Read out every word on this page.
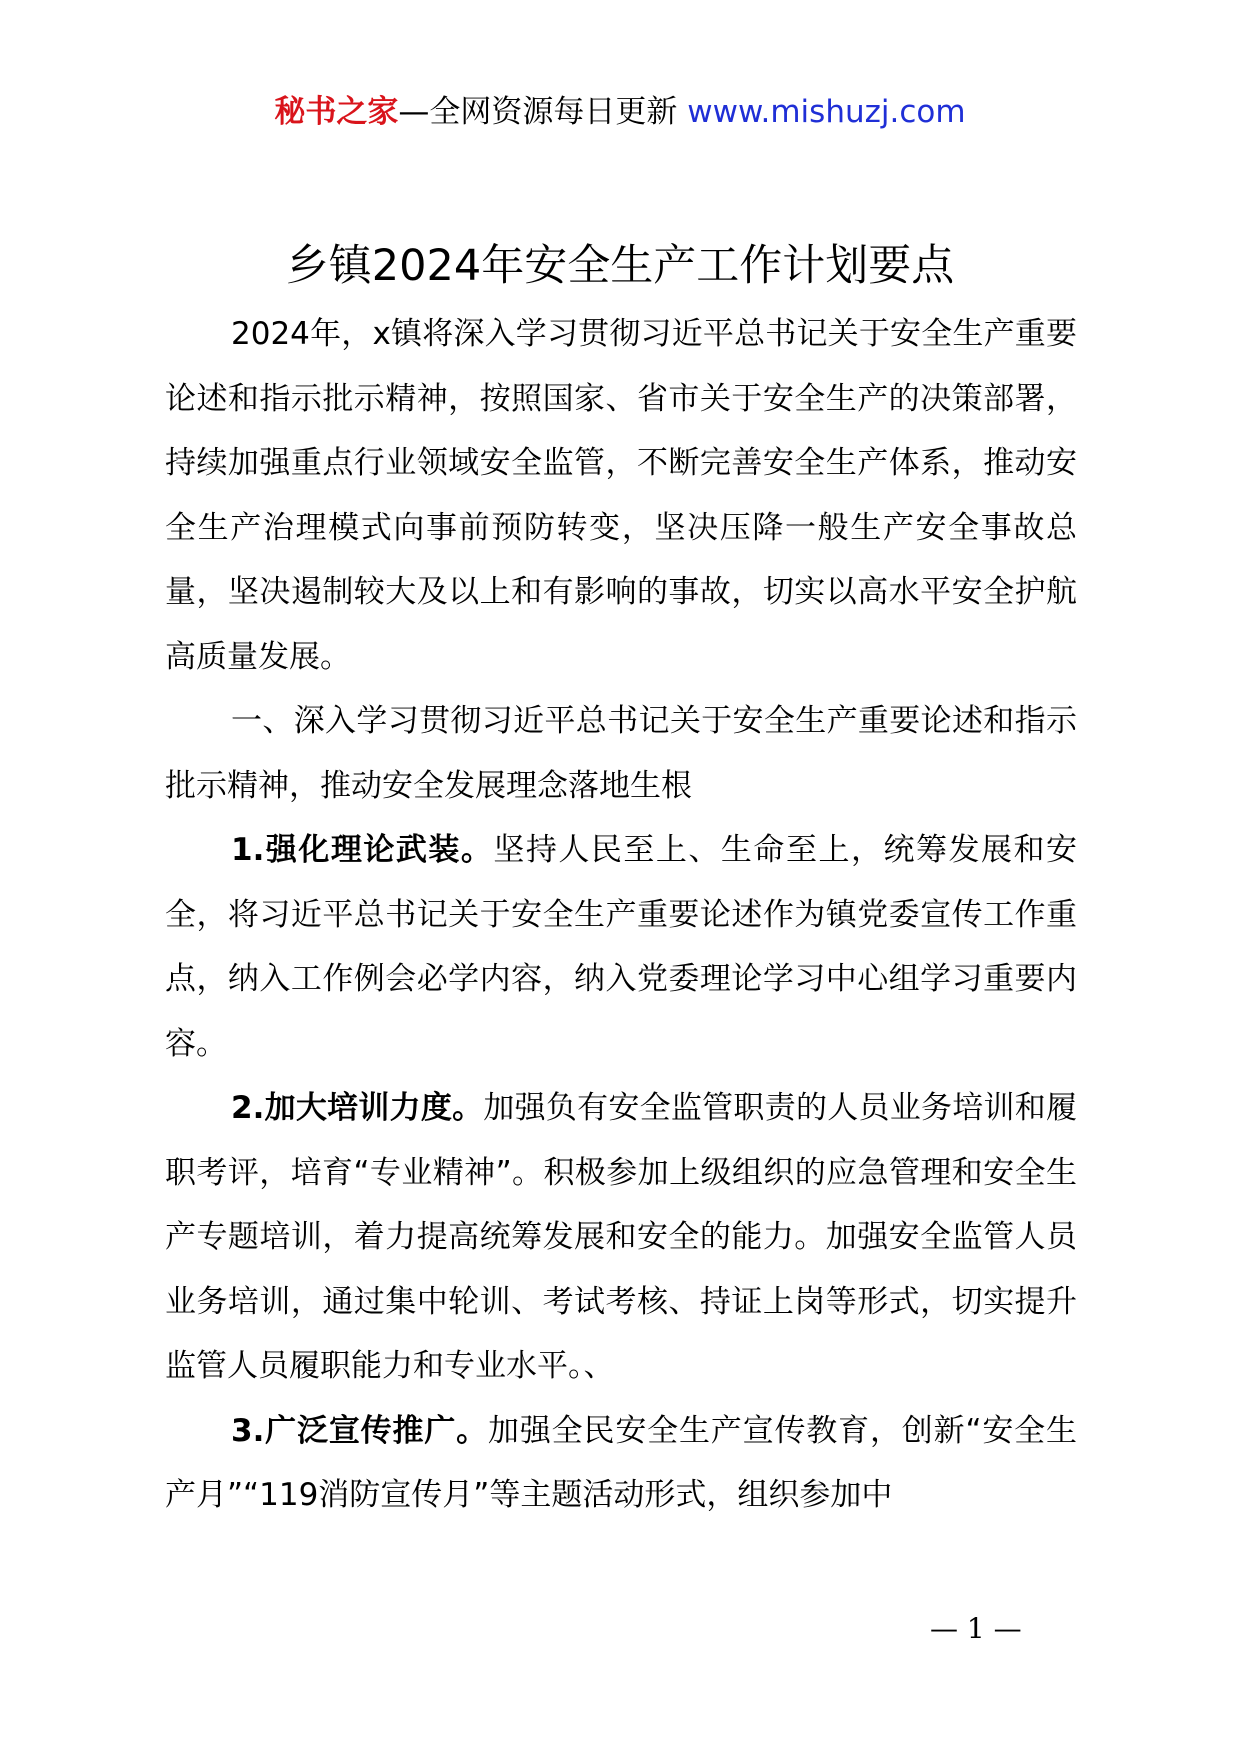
秘书之家—全网资源每日更新 www.mishuzj.com
乡镇2024年安全生产工作计划要点

2024年，x镇将深入学习贯彻习近平总书记关于安全生产重要论述和指示批示精神，按照国家、省市关于安全生产的决策部署，持续加强重点行业领域安全监管，不断完善安全生产体系，推动安全生产治理模式向事前预防转变，坚决压降一般生产安全事故总量，坚决遏制较大及以上和有影响的事故，切实以高水平安全护航高质量发展。

一、深入学习贯彻习近平总书记关于安全生产重要论述和指示批示精神，推动安全发展理念落地生根

1.强化理论武装。坚持人民至上、生命至上，统筹发展和安全，将习近平总书记关于安全生产重要论述作为镇党委宣传工作重点，纳入工作例会必学内容，纳入党委理论学习中心组学习重要内容。

2.加大培训力度。加强负有安全监管职责的人员业务培训和履职考评，培育“专业精神”。积极参加上级组织的应急管理和安全生产专题培训，着力提高统筹发展和安全的能力。加强安全监管人员业务培训，通过集中轮训、考试考核、持证上岗等形式，切实提升监管人员履职能力和专业水平。、

3.广泛宣传推广。加强全民安全生产宣传教育，创新“安全生产月”“119消防宣传月”等主题活动形式，组织参加中

— 1 —
